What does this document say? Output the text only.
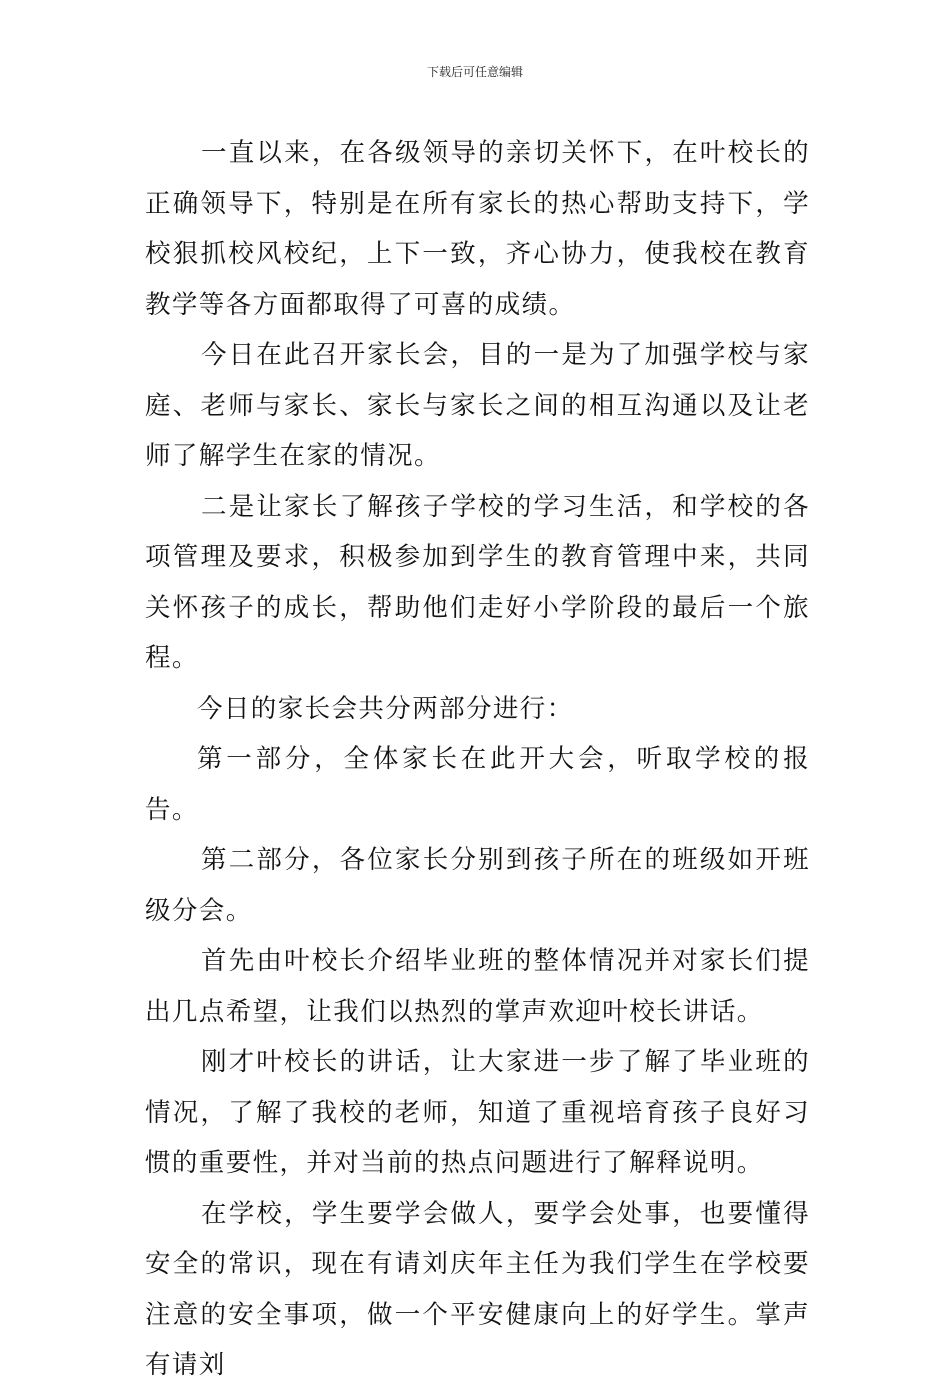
下载后可任意编辑

一直以来，在各级领导的亲切关怀下，在叶校长的正确领导下，特别是在所有家长的热心帮助支持下，学校狠抓校风校纪，上下一致，齐心协力，使我校在教育教学等各方面都取得了可喜的成绩。

今日在此召开家长会，目的一是为了加强学校与家庭、老师与家长、家长与家长之间的相互沟通以及让老师了解学生在家的情况。

二是让家长了解孩子学校的学习生活，和学校的各项管理及要求，积极参加到学生的教育管理中来，共同关怀孩子的成长，帮助他们走好小学阶段的最后一个旅程。

今日的家长会共分两部分进行：

第一部分，全体家长在此开大会，听取学校的报告。

第二部分，各位家长分别到孩子所在的班级如开班级分会。

首先由叶校长介绍毕业班的整体情况并对家长们提出几点希望，让我们以热烈的掌声欢迎叶校长讲话。

刚才叶校长的讲话，让大家进一步了解了毕业班的情况，了解了我校的老师，知道了重视培育孩子良好习惯的重要性，并对当前的热点问题进行了解释说明。

在学校，学生要学会做人，要学会处事，也要懂得安全的常识，现在有请刘庆年主任为我们学生在学校要注意的安全事项，做一个平安健康向上的好学生。掌声有请刘
